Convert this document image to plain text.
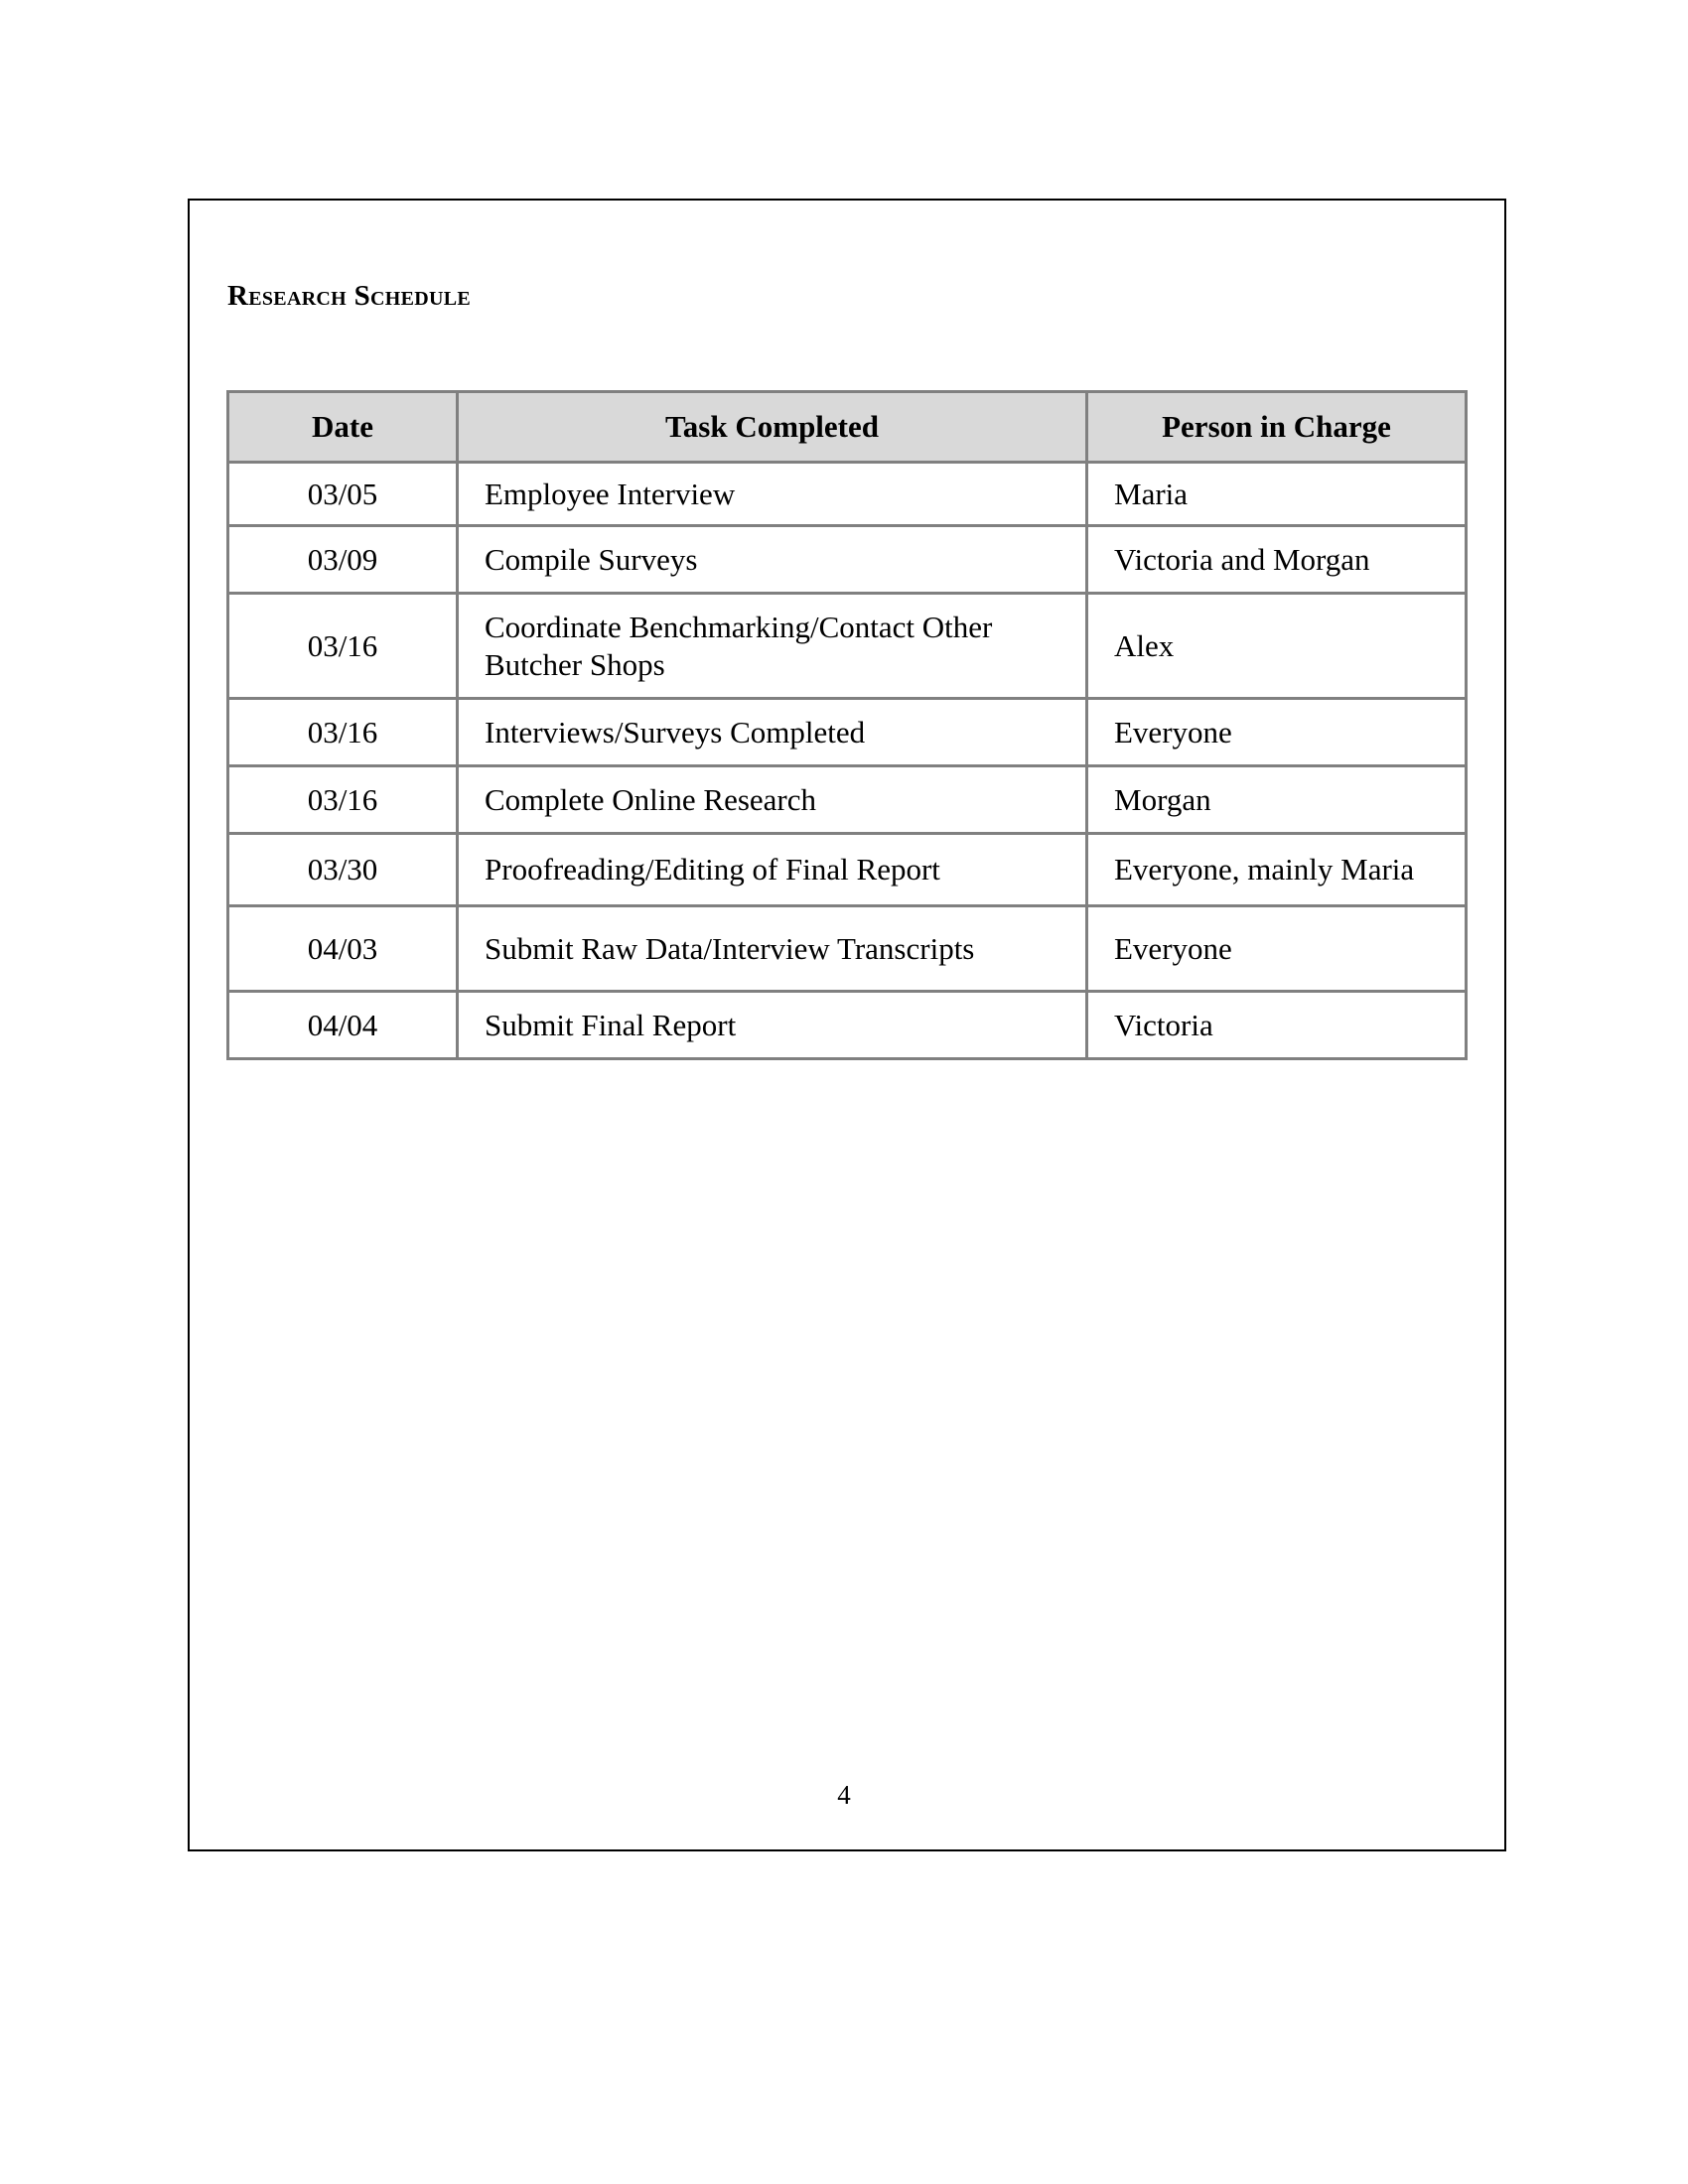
Research Schedule
Date	Task Completed	Person in Charge
03/05	Employee Interview	Maria
03/09	Compile Surveys	Victoria and Morgan
03/16	Coordinate Benchmarking/Contact Other Butcher Shops	Alex
03/16	Interviews/Surveys Completed	Everyone
03/16	Complete Online Research	Morgan
03/30	Proofreading/Editing of Final Report	Everyone, mainly Maria
04/03	Submit Raw Data/Interview Transcripts	Everyone
04/04	Submit Final Report	Victoria
4
